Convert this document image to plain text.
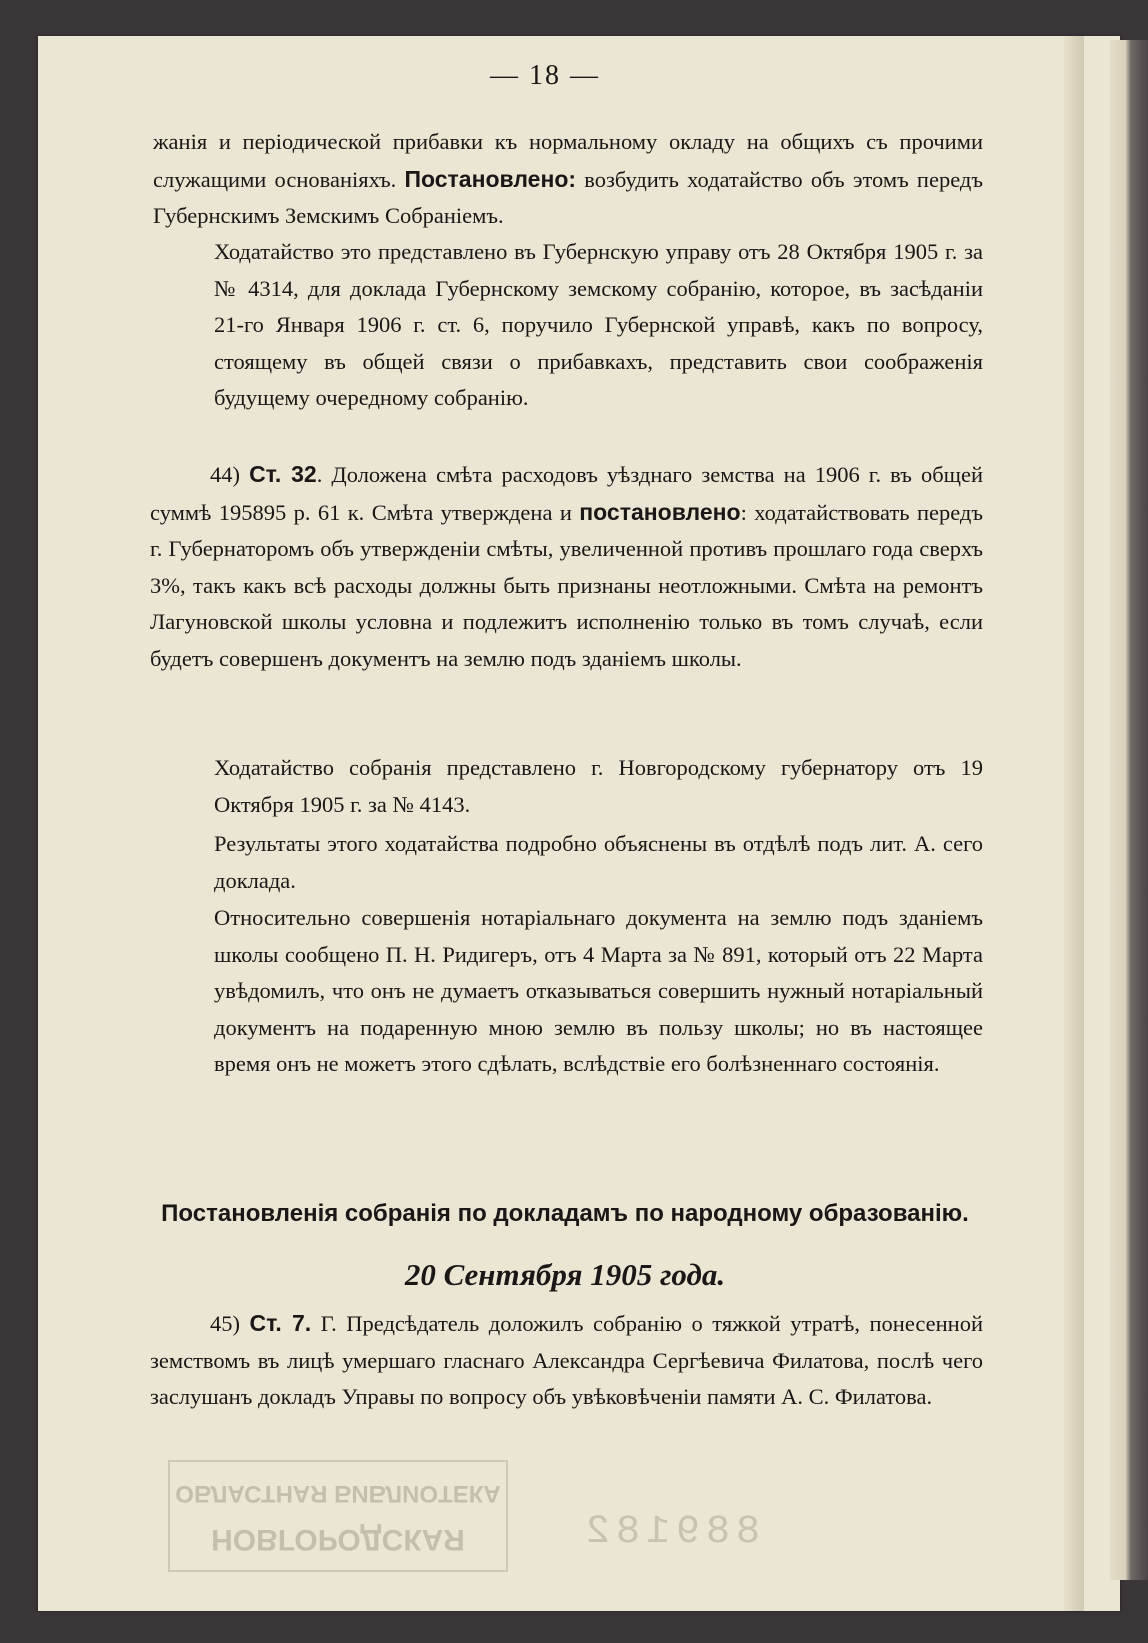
— 18 —

жанія и періодической прибавки къ нормальному окладу на общихъ съ прочими служащими основаніяхъ. Постановлено: возбудить ходатайство объ этомъ передъ Губернскимъ Земскимъ Собраніемъ.

Ходатайство это представлено въ Губернскую управу отъ 28 Октября 1905 г. за № 4314, для доклада Губернскому земскому собранію, которое, въ засѣданіи 21-го Января 1906 г. ст. 6, поручило Губернской управѣ, какъ по вопросу, стоящему въ общей связи о прибавкахъ, представить свои соображенія будущему очередному собранію.

44) Ст. 32. Доложена смѣта расходовъ уѣзднаго земства на 1906 г. въ общей суммѣ 195895 р. 61 к. Смѣта утверждена и постановлено: ходатайствовать передъ г. Губернаторомъ объ утвержденіи смѣты, увеличенной противъ прошлаго года сверхъ 3%, такъ какъ всѣ расходы должны быть признаны неотложными. Смѣта на ремонтъ Лагуновской школы условна и подлежитъ исполненію только въ томъ случаѣ, если будетъ совершенъ документъ на землю подъ зданіемъ школы.

Ходатайство собранія представлено г. Новгородскому губернатору отъ 19 Октября 1905 г. за № 4143.

Результаты этого ходатайства подробно объяснены въ отдѣлѣ подъ лит. А. сего доклада.

Относительно совершенія нотаріальнаго документа на землю подъ зданіемъ школы сообщено П. Н. Ридигеръ, отъ 4 Марта за № 891, который отъ 22 Марта увѣдомилъ, что онъ не думаетъ отказываться совершить нужный нотаріальный документъ на подаренную мною землю въ пользу школы; но въ настоящее время онъ не можетъ этого сдѣлать, вслѣдствіе его болѣзненнаго состоянія.

45) Ст. 7. Г. Предсѣдатель доложилъ собранію о тяжкой утратѣ, понесенной земствомъ въ лицѣ умершаго гласнаго Александра Сергѣевича Филатова, послѣ чего заслушанъ докладъ Управы по вопросу объ увѣковѣченіи памяти А. С. Филатова.

Постановленія собранія по докладамъ по народному образованію.
20 Сентября 1905 года.
НОВГОРОДСКАЯ
ОБЛАСТНАЯ БИБЛИОТЕКА
889182
